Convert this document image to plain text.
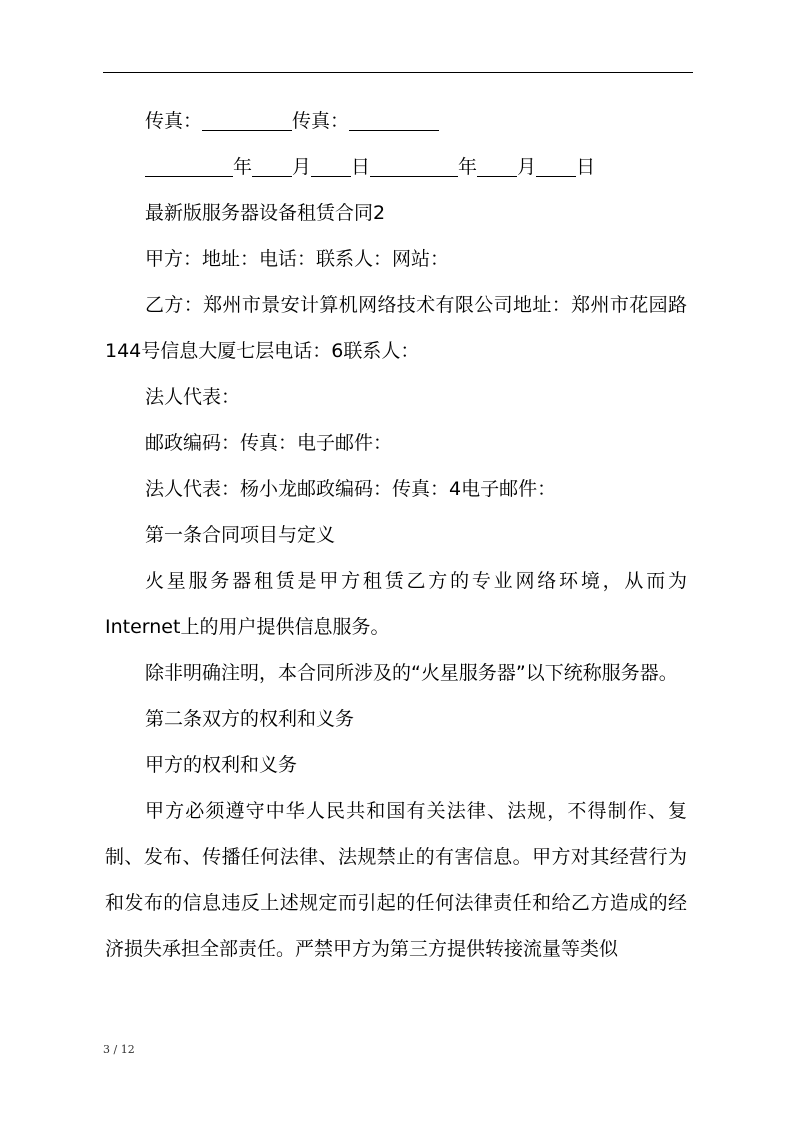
传真：	传真：

年 月 日	年 月 日

最新版服务器设备租赁合同2

甲方：地址：电话：联系人：网站：

乙方：郑州市景安计算机网络技术有限公司地址：郑州市花园路144号信息大厦七层电话：6联系人：

法人代表：

邮政编码：传真：电子邮件：

法人代表：杨小龙邮政编码：传真：4电子邮件：

第一条合同项目与定义

火星服务器租赁是甲方租赁乙方的专业网络环境，从而为Internet上的用户提供信息服务。

除非明确注明，本合同所涉及的“火星服务器”以下统称服务器。

第二条双方的权利和义务

甲方的权利和义务

甲方必须遵守中华人民共和国有关法律、法规，不得制作、复制、发布、传播任何法律、法规禁止的有害信息。甲方对其经营行为和发布的信息违反上述规定而引起的任何法律责任和给乙方造成的经济损失承担全部责任。严禁甲方为第三方提供转接流量等类似

3 / 12
